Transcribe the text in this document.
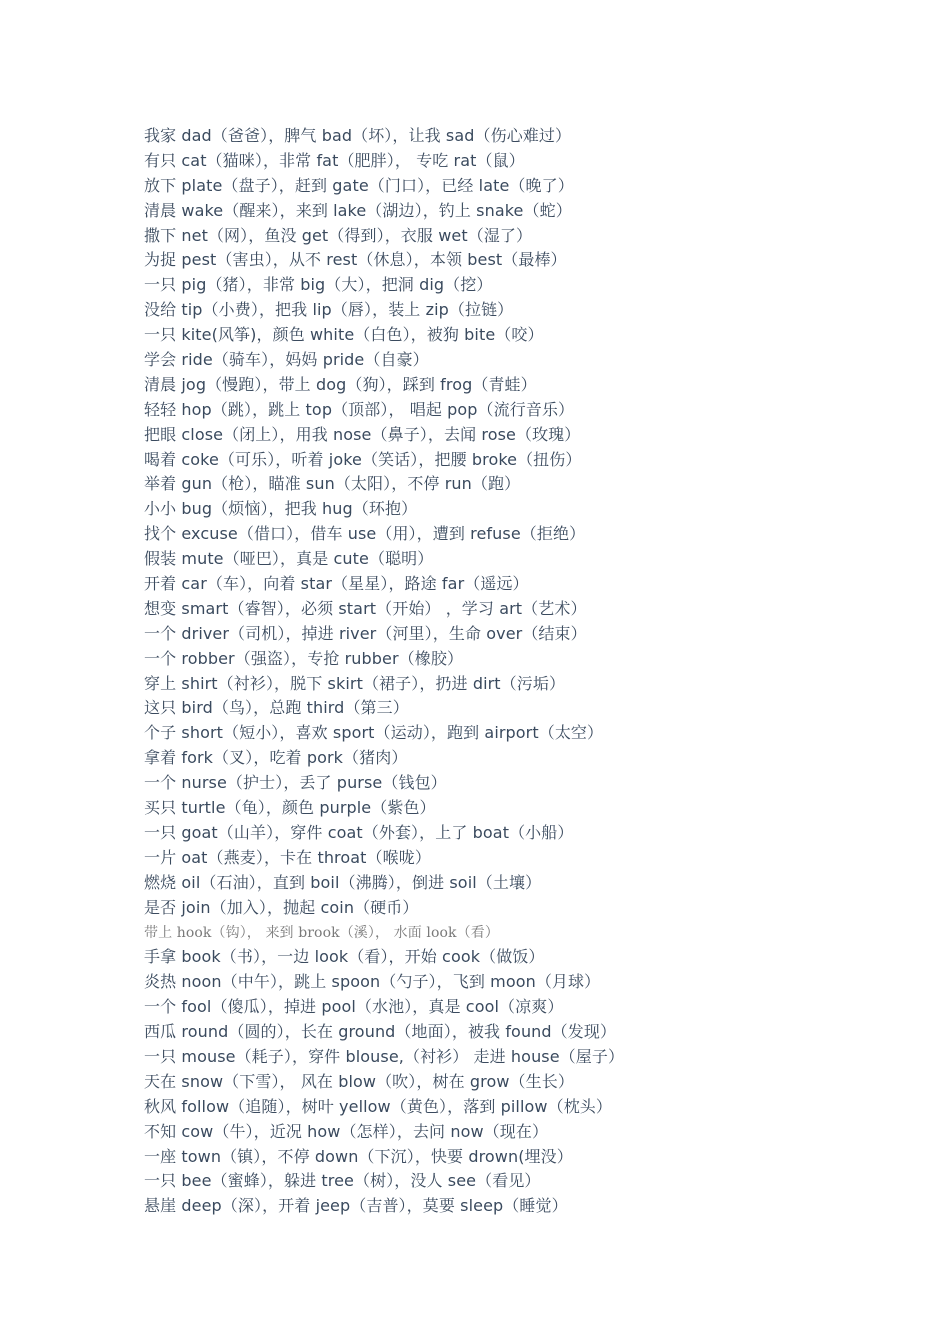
我家 dad（爸爸），脾气 bad（坏），让我 sad（伤心难过）
有只 cat（猫咪），非常 fat（肥胖）， 专吃 rat（鼠）
放下 plate（盘子），赶到 gate（门口），已经 late（晚了）
清晨 wake（醒来），来到 lake（湖边），钓上 snake（蛇）
撒下 net（网），鱼没 get（得到），衣服 wet（湿了）
为捉 pest（害虫），从不 rest（休息），本领 best（最棒）
一只 pig（猪），非常 big（大），把洞 dig（挖）
没给 tip（小费），把我 lip（唇），装上 zip（拉链）
一只 kite(风筝)，颜色 white（白色），被狗 bite（咬）
学会 ride（骑车），妈妈 pride（自豪）
清晨 jog（慢跑），带上 dog（狗），踩到 frog（青蛙）
轻轻 hop（跳），跳上 top（顶部）， 唱起 pop（流行音乐）
把眼 close（闭上），用我 nose（鼻子），去闻 rose（玫瑰）
喝着 coke（可乐），听着 joke（笑话），把腰 broke（扭伤）
举着 gun（枪），瞄准 sun（太阳），不停 run（跑）
小小 bug（烦恼），把我 hug（环抱）
找个 excuse（借口），借车 use（用），遭到 refuse（拒绝）
假装 mute（哑巴），真是 cute（聪明）
开着 car（车），向着 star（星星），路途 far（遥远）
想变 smart（睿智），必须 start（开始） ，学习 art（艺术）
一个 driver（司机），掉进 river（河里），生命 over（结束）
一个 robber（强盗），专抢 rubber（橡胶）
穿上 shirt（衬衫），脱下 skirt（裙子），扔进 dirt（污垢）
这只 bird（鸟），总跑 third（第三）
个子 short（短小），喜欢 sport（运动），跑到 airport（太空）
拿着 fork（叉），吃着 pork（猪肉）
一个 nurse（护士），丢了 purse（钱包）
买只 turtle（龟），颜色 purple（紫色）
一只 goat（山羊），穿件 coat（外套），上了 boat（小船）
一片 oat（燕麦），卡在 throat（喉咙）
燃烧 oil（石油），直到 boil（沸腾），倒进 soil（土壤）
是否 join（加入），抛起 coin（硬币）
带上 hook（钩）， 来到 brook（溪）， 水面 look（看）
手拿 book（书），一边 look（看），开始 cook（做饭）
炎热 noon（中午），跳上 spoon（勺子），飞到 moon（月球）
一个 fool（傻瓜），掉进 pool（水池），真是 cool（凉爽）
西瓜 round（圆的），长在 ground（地面），被我 found（发现）
一只 mouse（耗子），穿件 blouse,（衬衫） 走进 house（屋子）
天在 snow（下雪）， 风在 blow（吹），树在 grow（生长）
秋风 follow（追随），树叶 yellow（黄色），落到 pillow（枕头）
不知 cow（牛），近况 how（怎样），去问 now（现在）
一座 town（镇），不停 down（下沉），快要 drown(埋没）
一只 bee（蜜蜂），躲进 tree（树），没人 see（看见）
悬崖 deep（深），开着 jeep（吉普），莫要 sleep（睡觉）
